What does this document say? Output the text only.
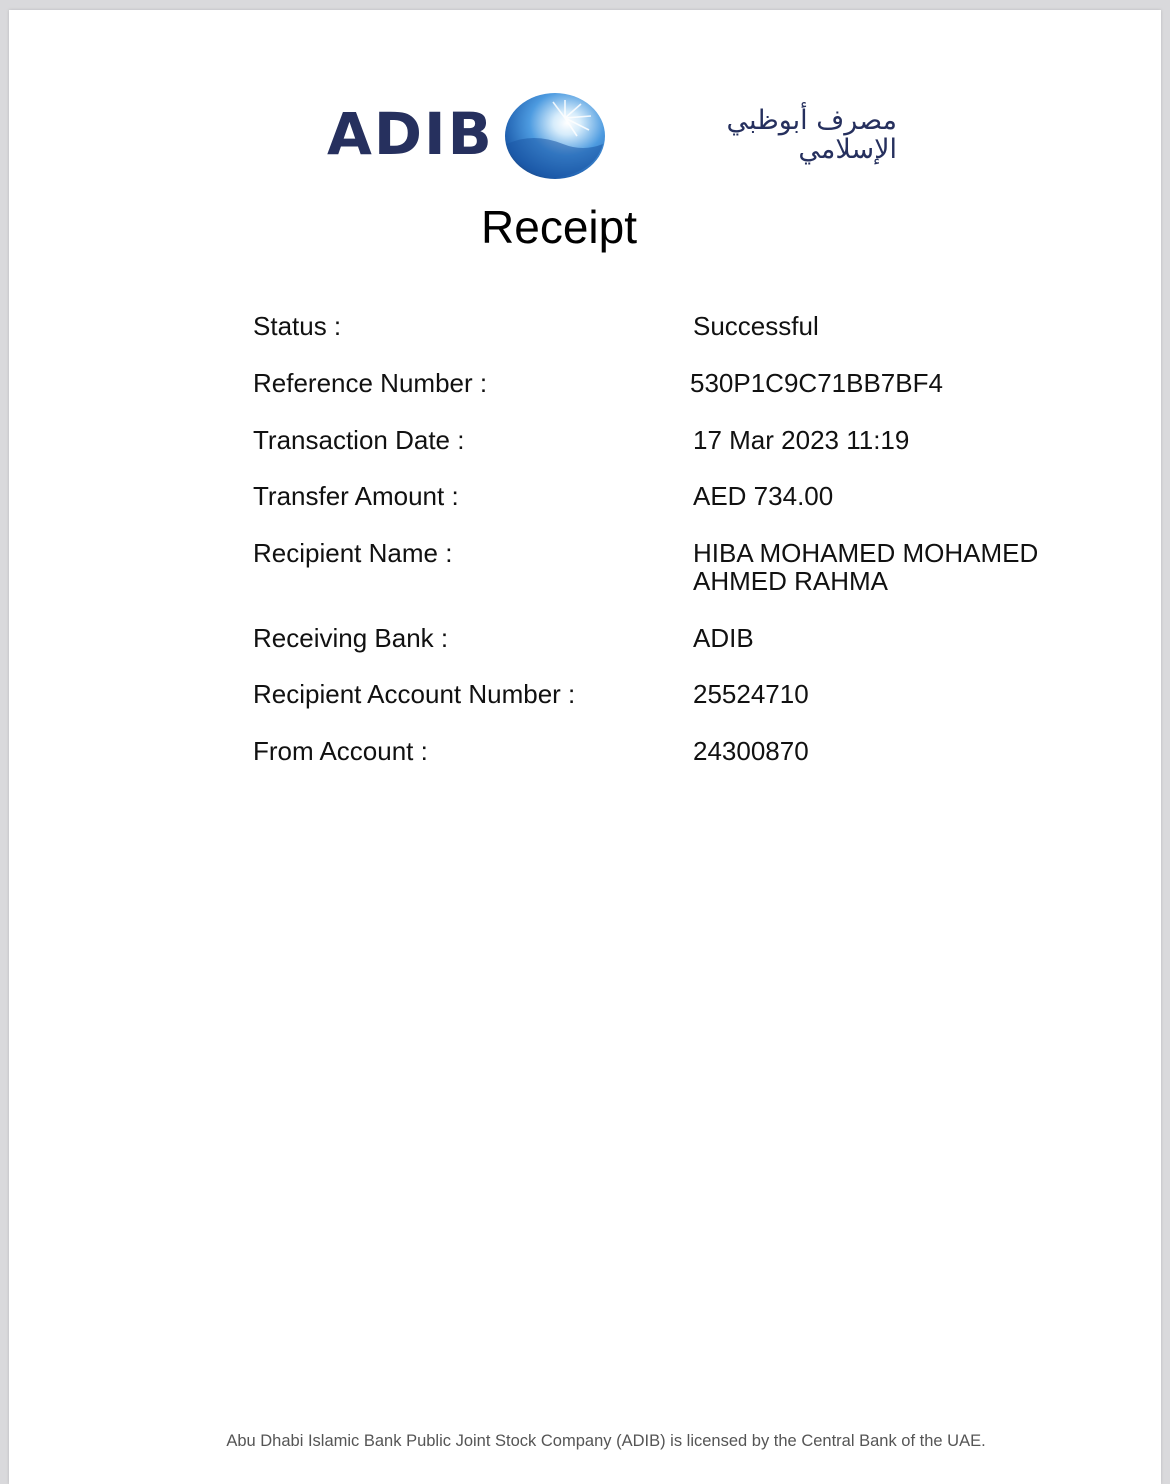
ADIB	مصرف أبوظبي
الإسلامي
Receipt
Status :	Successful
Reference Number :	530P1C9C71BB7BF4
Transaction Date :	17 Mar 2023 11:19
Transfer Amount :	AED 734.00
Recipient Name :	HIBA MOHAMED MOHAMED
AHMED RAHMA
Receiving Bank :	ADIB
Recipient Account Number :	25524710
From Account :	24300870
Abu Dhabi Islamic Bank Public Joint Stock Company (ADIB) is licensed by the Central Bank of the UAE.
